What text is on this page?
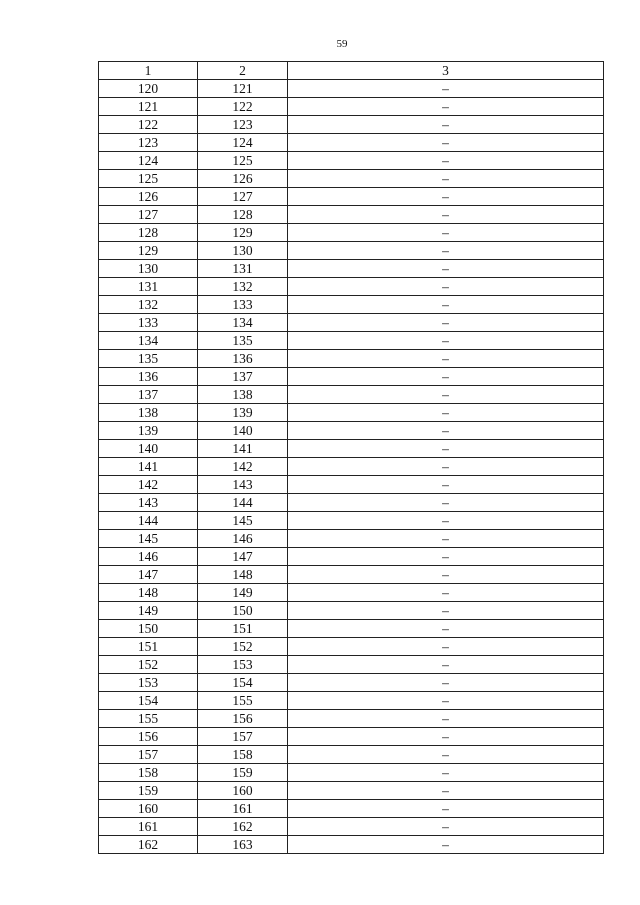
59
1	2	3
120	121	–
121	122	–
122	123	–
123	124	–
124	125	–
125	126	–
126	127	–
127	128	–
128	129	–
129	130	–
130	131	–
131	132	–
132	133	–
133	134	–
134	135	–
135	136	–
136	137	–
137	138	–
138	139	–
139	140	–
140	141	–
141	142	–
142	143	–
143	144	–
144	145	–
145	146	–
146	147	–
147	148	–
148	149	–
149	150	–
150	151	–
151	152	–
152	153	–
153	154	–
154	155	–
155	156	–
156	157	–
157	158	–
158	159	–
159	160	–
160	161	–
161	162	–
162	163	–
